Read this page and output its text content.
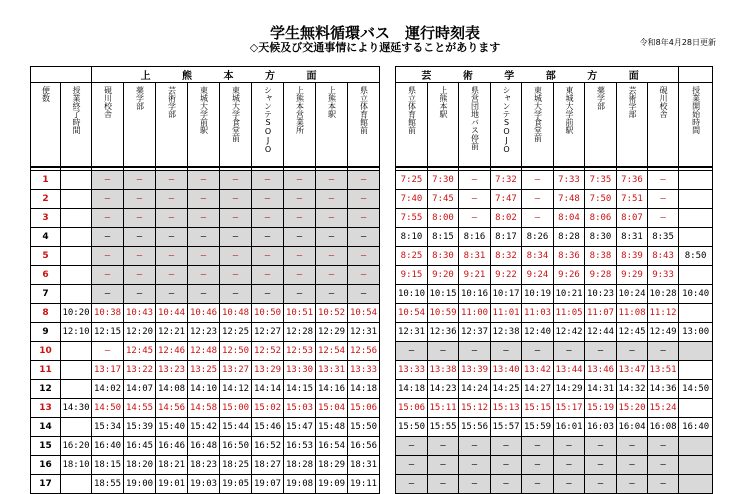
学生無料循環バス　運行時刻表
◇天候及び交通事情により遅延することがあります	令和8年4月28日更新
		上 熊 本 方 面								
便数	授業終了時間	硯川校舎	薬学部	芸術学部	東城大学前駅	東城大学食堂前	シャンテSOJO	上熊本営業所	上熊本駅	県立体育館前

1		—	—	—	—	—	—	—	—	—
2		—	—	—	—	—	—	—	—	—
3		—	—	—	—	—	—	—	—	—
4		—	—	—	—	—	—	—	—	—
5		—	—	—	—	—	—	—	—	—
6		—	—	—	—	—	—	—	—	—
7		—	—	—	—	—	—	—	—	—
8	10:20	10:38	10:43	10:44	10:46	10:48	10:50	10:51	10:52	10:54
9	12:10	12:15	12:20	12:21	12:23	12:25	12:27	12:28	12:29	12:31
10		—	12:45	12:46	12:48	12:50	12:52	12:53	12:54	12:56
11		13:17	13:22	13:23	13:25	13:27	13:29	13:30	13:31	13:33
12		14:02	14:07	14:08	14:10	14:12	14:14	14:15	14:16	14:18
13	14:30	14:50	14:55	14:56	14:58	15:00	15:02	15:03	15:04	15:06
14		15:34	15:39	15:40	15:42	15:44	15:46	15:47	15:48	15:50
15	16:20	16:40	16:45	16:46	16:48	16:50	16:52	16:53	16:54	16:56
16	18:10	18:15	18:20	18:21	18:23	18:25	18:27	18:28	18:29	18:31
17		18:55	19:00	19:01	19:03	19:05	19:07	19:08	19:09	19:11
芸 術 学 部 方 面									
県立体育館前	上熊本駅	県営団地バス停前	シャンテSOJO	東城大学食堂前	東城大学前駅	薬学部	芸術学部	硯川校舎	授業開始時間

7:25	7:30	—	7:32	—	7:33	7:35	7:36	—	
7:40	7:45	—	7:47	—	7:48	7:50	7:51	—	
7:55	8:00	—	8:02	—	8:04	8:06	8:07	—	
8:10	8:15	8:16	8:17	8:26	8:28	8:30	8:31	8:35	
8:25	8:30	8:31	8:32	8:34	8:36	8:38	8:39	8:43	8:50
9:15	9:20	9:21	9:22	9:24	9:26	9:28	9:29	9:33	
10:10	10:15	10:16	10:17	10:19	10:21	10:23	10:24	10:28	10:40
10:54	10:59	11:00	11:01	11:03	11:05	11:07	11:08	11:12	
12:31	12:36	12:37	12:38	12:40	12:42	12:44	12:45	12:49	13:00
—	—	—	—	—	—	—	—	—	
13:33	13:38	13:39	13:40	13:42	13:44	13:46	13:47	13:51	
14:18	14:23	14:24	14:25	14:27	14:29	14:31	14:32	14:36	14:50
15:06	15:11	15:12	15:13	15:15	15:17	15:19	15:20	15:24	
15:50	15:55	15:56	15:57	15:59	16:01	16:03	16:04	16:08	16:40
—	—	—	—	—	—	—	—	—	
—	—	—	—	—	—	—	—	—	
—	—	—	—	—	—	—	—	—	
